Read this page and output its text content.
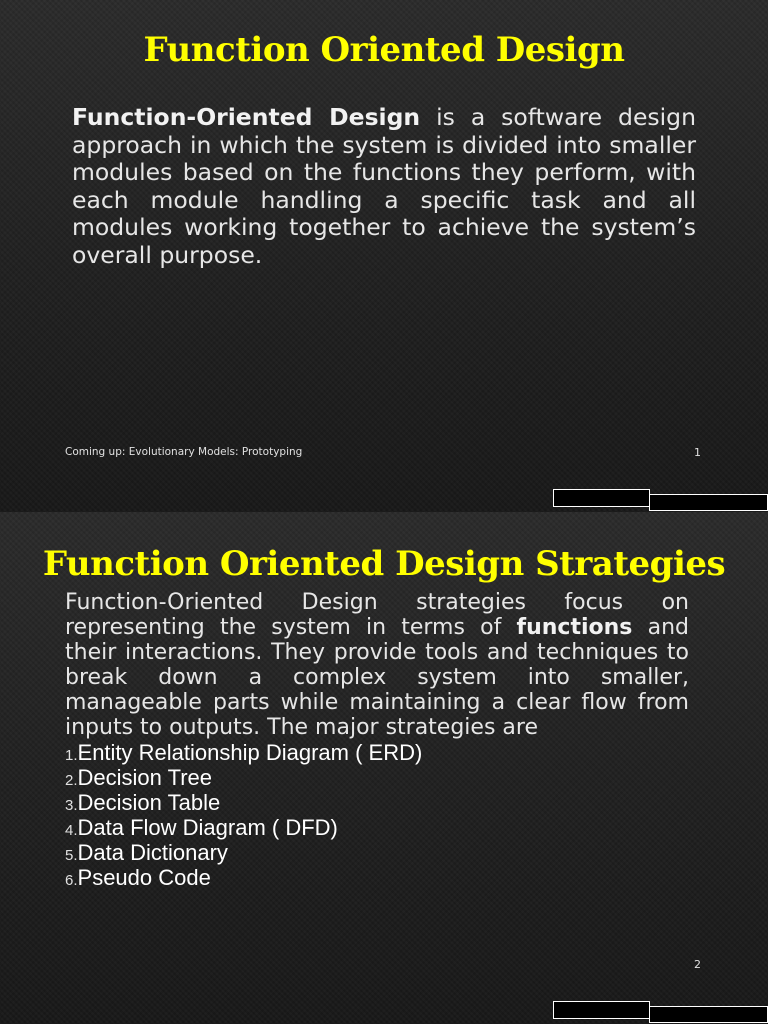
Function Oriented Design
Function-Oriented Design is a software design approach in which the system is divided into smaller modules based on the functions they perform, with each module handling a specific task and all modules working together to achieve the system’s overall purpose.
Coming up: Evolutionary Models: Prototyping	1
Function Oriented Design Strategies
Function-Oriented Design strategies focus on representing the system in terms of functions and their interactions. They provide tools and techniques to break down a complex system into smaller, manageable parts while maintaining a clear flow from inputs to outputs. The major strategies are
1.Entity Relationship Diagram ( ERD)
2.Decision Tree
3.Decision Table
4.Data Flow Diagram ( DFD)
5.Data Dictionary
6.Pseudo Code
2
